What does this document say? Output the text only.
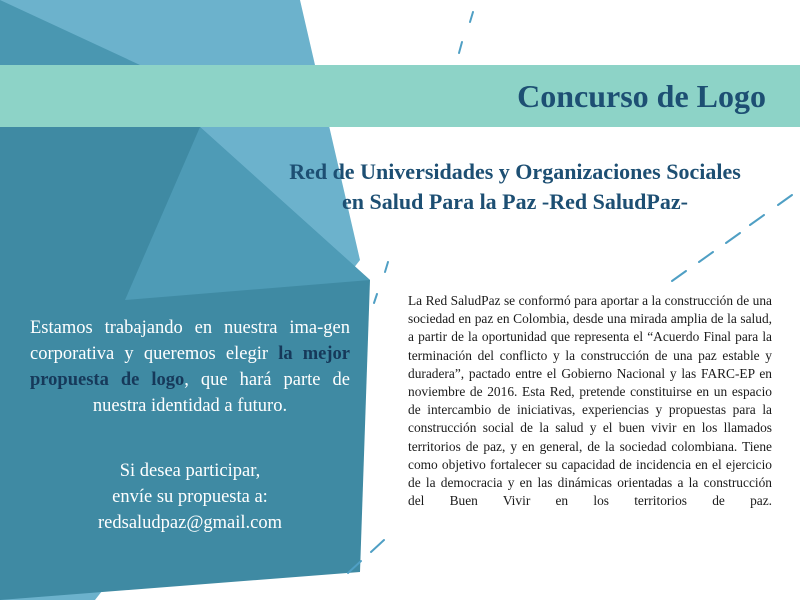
Concurso de Logo
Red de Universidades y Organizaciones Sociales
en Salud Para la Paz -Red SaludPaz-

Estamos trabajando en nuestra ima-gen corporativa y queremos elegir la mejor propuesta de logo, que hará parte de nuestra identidad a futuro.

Si desea participar,
envíe su propuesta a:
redsaludpaz@gmail.com

La Red SaludPaz se conformó para aportar a la construcción de una sociedad en paz en Colombia, desde una mirada amplia de la salud, a partir de la oportunidad que representa el “Acuerdo Final para la terminación del conflicto y la construcción de una paz estable y duradera”, pactado entre el Gobierno Nacional y las FARC-EP en noviembre de 2016. Esta Red, pretende constituirse en un espacio de intercambio de iniciativas, experiencias y propuestas para la construcción social de la salud y el buen vivir en los llamados territorios de paz, y en general, de la sociedad colombiana. Tiene como objetivo fortalecer su capacidad de incidencia en el ejercicio de la democracia y en las dinámicas orientadas a la construcción del Buen Vivir en los territorios de paz.
